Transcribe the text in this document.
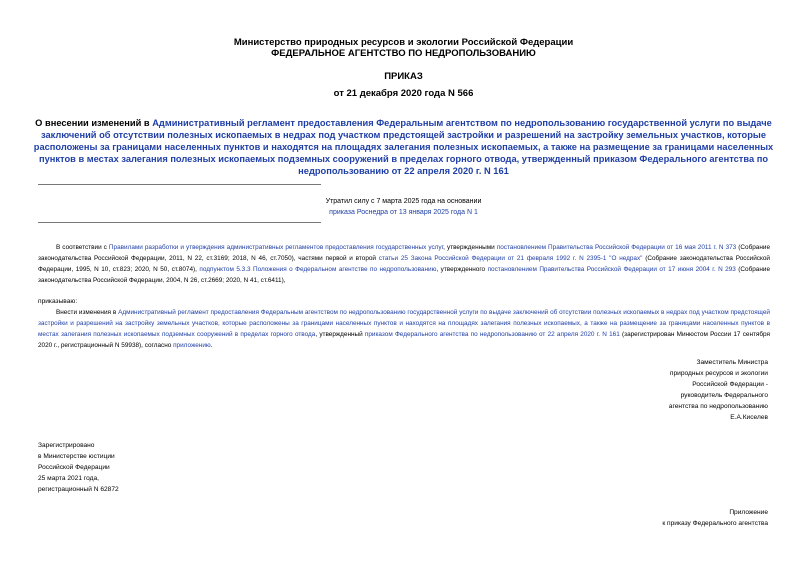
Министерство природных ресурсов и экологии Российской Федерации
ФЕДЕРАЛЬНОЕ АГЕНТСТВО ПО НЕДРОПОЛЬЗОВАНИЮ
ПРИКАЗ
от 21 декабря 2020 года N 566
О внесении изменений в Административный регламент предоставления Федеральным агентством по недропользованию государственной услуги по выдаче заключений об отсутствии полезных ископаемых в недрах под участком предстоящей застройки и разрешений на застройку земельных участков, которые расположены за границами населенных пунктов и находятся на площадях залегания полезных ископаемых, а также на размещение за границами населенных пунктов в местах залегания полезных ископаемых подземных сооружений в пределах горного отвода, утвержденный приказом Федерального агентства по недропользованию от 22 апреля 2020 г. N 161
Утратил силу с 7 марта 2025 года на основании
приказа Роснедра от 13 января 2025 года N 1
В соответствии с Правилами разработки и утверждения административных регламентов предоставления государственных услуг, утвержденными постановлением Правительства Российской Федерации от 16 мая 2011 г. N 373 (Собрание законодательства Российской Федерации, 2011, N 22, ст.3169; 2018, N 46, ст.7050), частями первой и второй статьи 25 Закона Российской Федерации от 21 февраля 1992 г. N 2395-1 "О недрах" (Собрание законодательства Российской Федерации, 1995, N 10, ст.823; 2020, N 50, ст.8074), подпунктом 5.3.3 Положения о Федеральном агентстве по недропользованию, утвержденного постановлением Правительства Российской Федерации от 17 июня 2004 г. N 293 (Собрание законодательства Российской Федерации, 2004, N 26, ст.2669; 2020, N 41, ст.6411),
приказываю:
Внести изменения в Административный регламент предоставления Федеральным агентством по недропользованию государственной услуги по выдаче заключений об отсутствии полезных ископаемых в недрах под участком предстоящей застройки и разрешений на застройку земельных участков, которые расположены за границами населенных пунктов и находятся на площадях залегания полезных ископаемых, а также на размещение за границами населенных пунктов в местах залегания полезных ископаемых подземных сооружений в пределах горного отвода, утвержденный приказом Федерального агентства по недропользованию от 22 апреля 2020 г. N 161 (зарегистрирован Минюстом России 17 сентября 2020 г., регистрационный N 59938), согласно приложению.
Заместитель Министра
природных ресурсов и экологии
Российской Федерации -
руководитель Федерального
агентства по недропользованию
Е.А.Киселев
Зарегистрировано
в Министерстве юстиции
Российской Федерации
25 марта 2021 года,
регистрационный N 62872
Приложение
к приказу Федерального агентства
